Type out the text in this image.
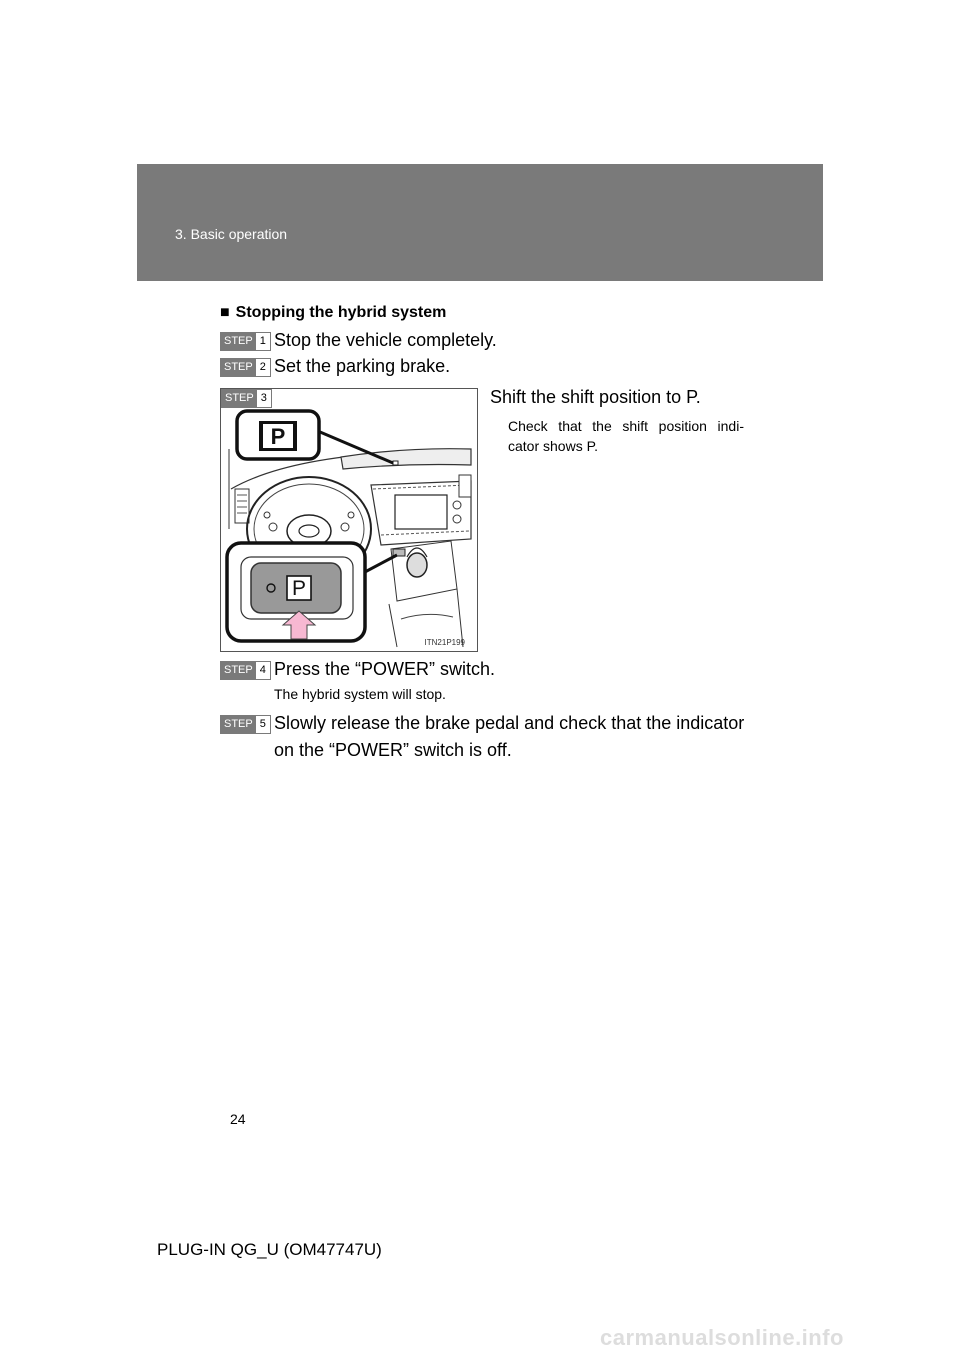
3. Basic operation
■ Stopping the hybrid system
STEP 1 Stop the vehicle completely.
STEP 2 Set the parking brake.
Shift the shift position to P.
Check that the shift position indi- cator shows P.
STEP 3
P
P
ITN21P199
STEP 4 Press the “POWER” switch.
The hybrid system will stop.
STEP 5 Slowly release the brake pedal and check that the indicator on the “POWER” switch is off.
24
PLUG-IN QG_U (OM47747U)
carmanualsonline.info
